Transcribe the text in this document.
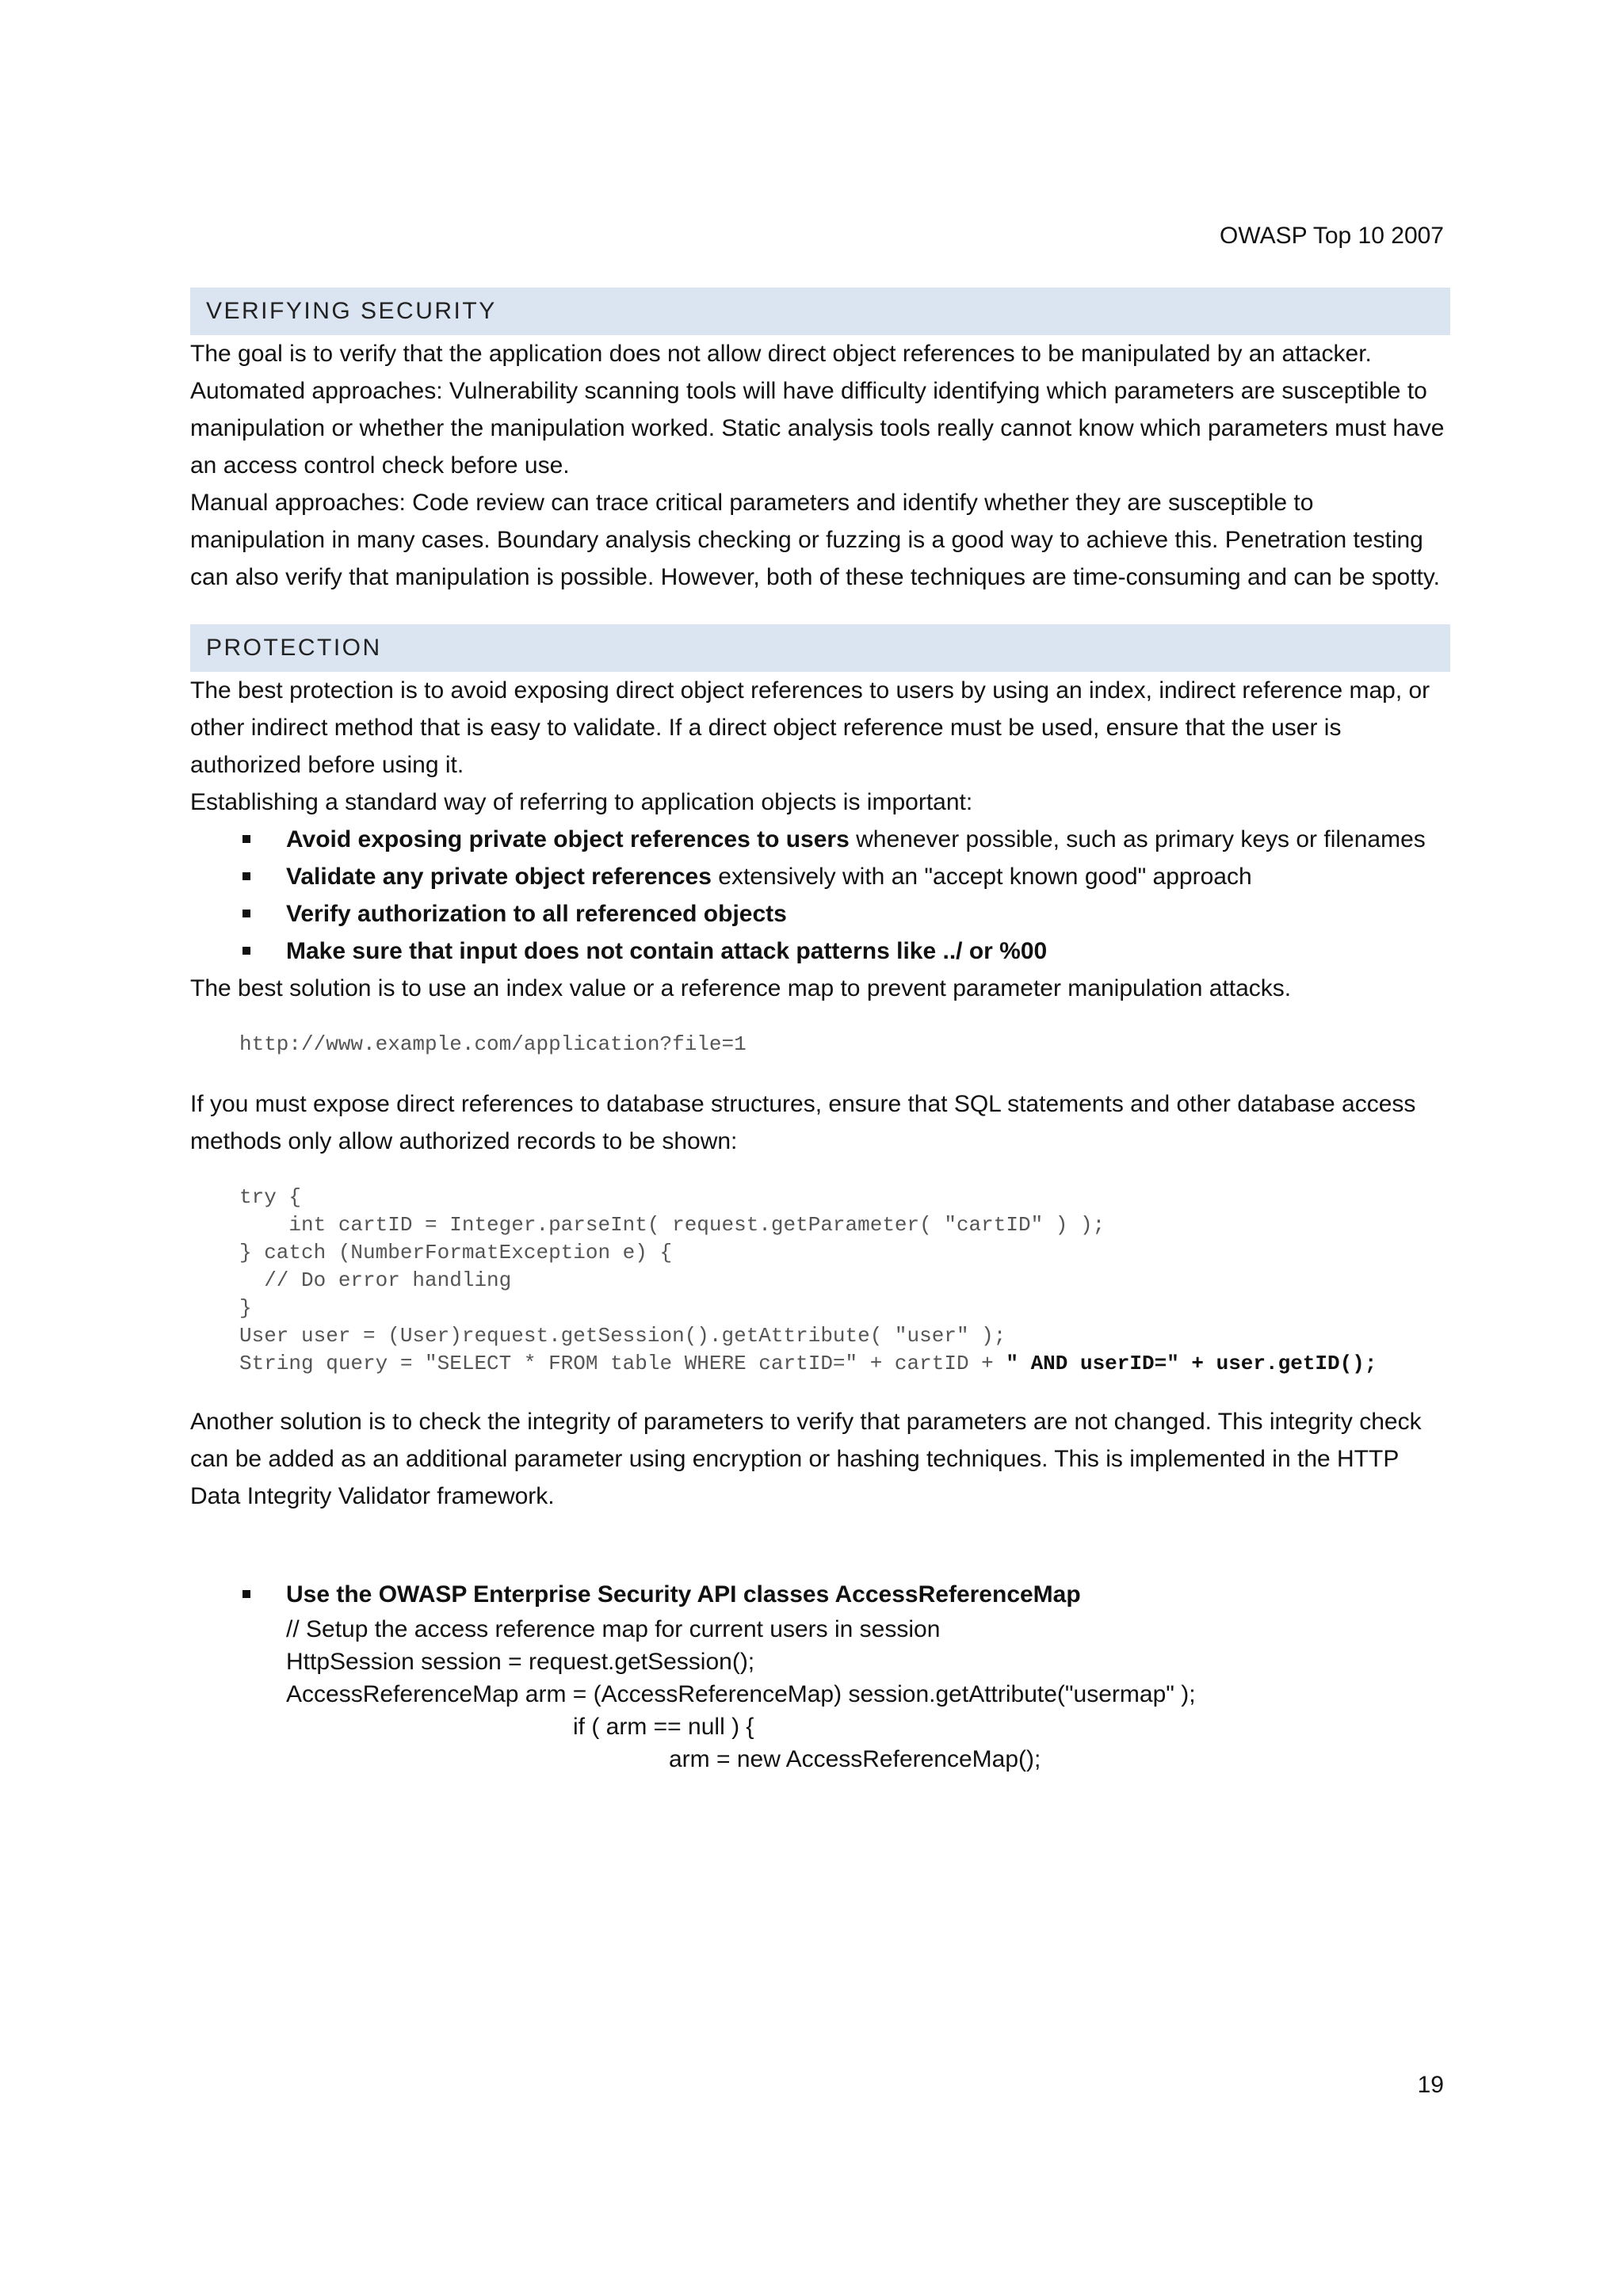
OWASP Top 10 2007
VERIFYING SECURITY

The goal is to verify that the application does not allow direct object references to be manipulated by an attacker.

Automated approaches: Vulnerability scanning tools will have difficulty identifying which parameters are susceptible to manipulation or whether the manipulation worked. Static analysis tools really cannot know which parameters must have an access control check before use.

Manual approaches: Code review can trace critical parameters and identify whether they are susceptible to manipulation in many cases. Boundary analysis checking or fuzzing is a good way to achieve this. Penetration testing can also verify that manipulation is possible. However, both of these techniques are time-consuming and can be spotty.

PROTECTION

The best protection is to avoid exposing direct object references to users by using an index, indirect reference map, or other indirect method that is easy to validate. If a direct object reference must be used, ensure that the user is authorized before using it.

Establishing a standard way of referring to application objects is important:

Avoid exposing private object references to users whenever possible, such as primary keys or filenames
Validate any private object references extensively with an "accept known good" approach
Verify authorization to all referenced objects
Make sure that input does not contain attack patterns like ../ or %00

The best solution is to use an index value or a reference map to prevent parameter manipulation attacks.

http://www.example.com/application?file=1

If you must expose direct references to database structures, ensure that SQL statements and other database access methods only allow authorized records to be shown:

try {
int cartID = Integer.parseInt( request.getParameter( "cartID" ) );
} catch (NumberFormatException e) {
// Do error handling
}
User user = (User)request.getSession().getAttribute( "user" );
String query = "SELECT * FROM table WHERE cartID=" + cartID + " AND userID=" + user.getID();

Another solution is to check the integrity of parameters to verify that parameters are not changed. This integrity check can be added as an additional parameter using encryption or hashing techniques. This is implemented in the HTTP Data Integrity Validator framework.

Use the OWASP Enterprise Security API classes AccessReferenceMap
// Setup the access reference map for current users in session
HttpSession session = request.getSession();
AccessReferenceMap arm = (AccessReferenceMap) session.getAttribute("usermap" );
if ( arm == null ) {
arm = new AccessReferenceMap();
19
